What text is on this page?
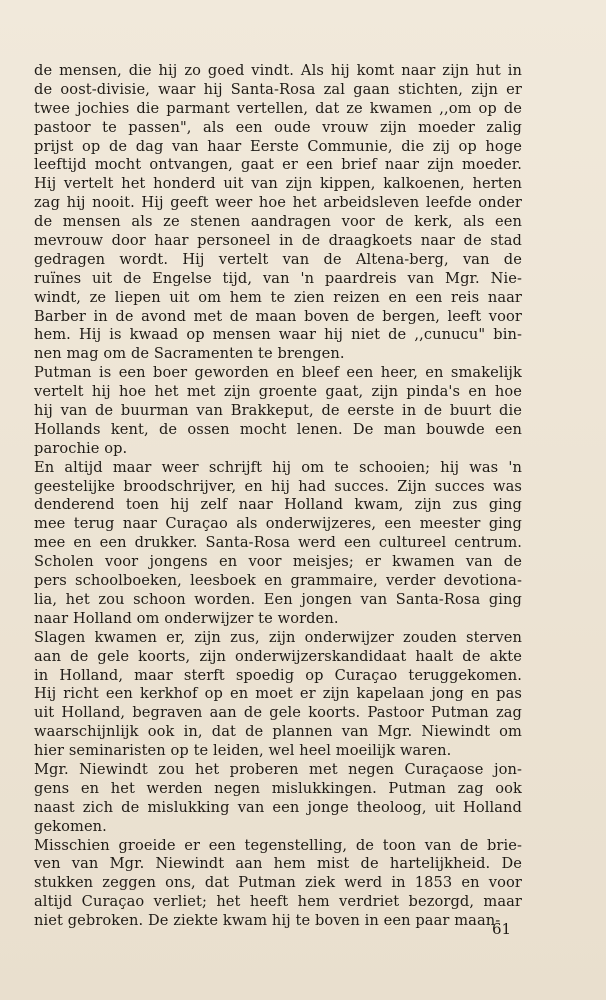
de mensen, die hij zo goed vindt. Als hij komt naar zijn hut in
de oost-divisie, waar hij Santa-Rosa zal gaan stichten, zijn er
twee jochies die parmant vertellen, dat ze kwamen ,,om op de
pastoor te passen", als een oude vrouw zijn moeder zalig
prijst op de dag van haar Eerste Communie, die zij op hoge
leeftijd mocht ontvangen, gaat er een brief naar zijn moeder.
Hij vertelt het honderd uit van zijn kippen, kalkoenen, herten
zag hij nooit. Hij geeft weer hoe het arbeidsleven leefde onder
de mensen als ze stenen aandragen voor de kerk, als een
mevrouw door haar personeel in de draagkoets naar de stad
gedragen wordt. Hij vertelt van de Altena-berg, van de
ruïnes uit de Engelse tijd, van 'n paardreis van Mgr. Nie-
windt, ze liepen uit om hem te zien reizen en een reis naar
Barber in de avond met de maan boven de bergen, leeft voor
hem. Hij is kwaad op mensen waar hij niet de ,,cunucu" bin-
nen mag om de Sacramenten te brengen.
Putman is een boer geworden en bleef een heer, en smakelijk
vertelt hij hoe het met zijn groente gaat, zijn pinda's en hoe
hij van de buurman van Brakkeput, de eerste in de buurt die
Hollands kent, de ossen mocht lenen. De man bouwde een
parochie op.
En altijd maar weer schrijft hij om te schooien; hij was 'n
geestelijke broodschrijver, en hij had succes. Zijn succes was
denderend toen hij zelf naar Holland kwam, zijn zus ging
mee terug naar Curaçao als onderwijzeres, een meester ging
mee en een drukker. Santa-Rosa werd een cultureel centrum.
Scholen voor jongens en voor meisjes; er kwamen van de
pers schoolboeken, leesboek en grammaire, verder devotiona-
lia, het zou schoon worden. Een jongen van Santa-Rosa ging
naar Holland om onderwijzer te worden.
Slagen kwamen er, zijn zus, zijn onderwijzer zouden sterven
aan de gele koorts, zijn onderwijzerskandidaat haalt de akte
in Holland, maar sterft spoedig op Curaçao teruggekomen.
Hij richt een kerkhof op en moet er zijn kapelaan jong en pas
uit Holland, begraven aan de gele koorts. Pastoor Putman zag
waarschijnlijk ook in, dat de plannen van Mgr. Niewindt om
hier seminaristen op te leiden, wel heel moeilijk waren.
Mgr. Niewindt zou het proberen met negen Curaçaose jon-
gens en het werden negen mislukkingen. Putman zag ook
naast zich de mislukking van een jonge theoloog, uit Holland
gekomen.
Misschien groeide er een tegenstelling, de toon van de brie-
ven van Mgr. Niewindt aan hem mist de hartelijkheid. De
stukken zeggen ons, dat Putman ziek werd in 1853 en voor
altijd Curaçao verliet; het heeft hem verdriet bezorgd, maar
niet gebroken. De ziekte kwam hij te boven in een paar maan-
61
